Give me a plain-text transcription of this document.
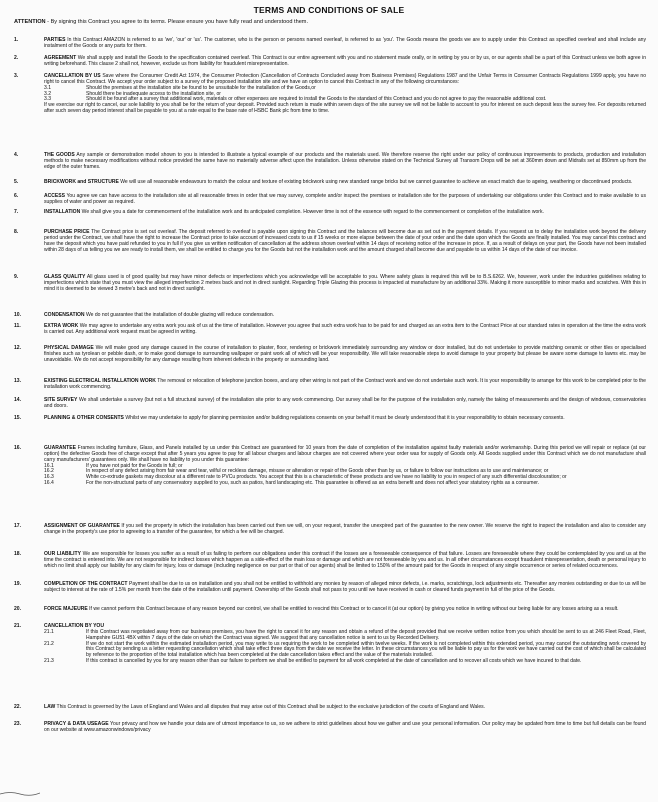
TERMS AND CONDITIONS OF SALE
ATTENTION - By signing this Contract you agree to its terms. Please ensure you have fully read and understood them.
1.	PARTIES In this Contract AMAZON is referred to as 'we', 'our' or 'us'. The customer, who is the person or persons named overleaf, is referred to as 'you'. The Goods means the goods we are to supply under this Contract as specified overleaf and shall include any instalment of the Goods or any parts for them.
2.	AGREEMENT We shall supply and install the Goods to the specification contained overleaf. This Contract is our entire agreement with you and no statement made orally, or in writing by you or by us, or our agents shall be a part of this Contract unless we both agree in writing beforehand. This clause 2 shall not, however, exclude us from liability for fraudulent misrepresentation.
3.	CANCELLATION BY US Save where the Consumer Credit Act 1974, the Consumer Protection (Cancellation of Contracts Concluded away from Business Premises) Regulations 1987 and the Unfair Terms in Consumer Contracts Regulations 1999 apply, you have no right to cancel this Contract. We accept your order subject to a survey of the proposed installation site and we have an option to cancel this Contract in any of the following circumstances:
3.1	Should the premises at the installation site be found to be unsuitable for the installation of the Goods,or
3.2	Should there be inadequate access to the installation site, or
3.3	Should it be found after a survey that additional work, materials or other expenses are required to install the Goods to the standard of this Contract and you do not agree to pay the reasonable additional cost.
If we exercise our right to cancel, our sole liability to you shall be for the return of your deposit. Provided such return is made within seven days of the site survey we will not be liable to account to you for interest on such deposit less the survey fee. For deposits returned after such seven day period interest shall be payable to you at a rate equal to the base rate of HSBC Bank plc from time to time.
4.	THE GOODS Any sample or demonstration model shown to you is intended to illustrate a typical example of our products and the materials used. We therefore reserve the right under our policy of continuous improvements to products, production and installation methods to make necessary modifications without notice provided the same have no materially adverse affect upon the installation. Unless otherwise stated on the Technical Survey all Transom Drops will be set at 360mm down and Midrails set at 850mm up from the edge of the outer frames.
5.	BRICKWORK and STRUCTURE We will use all reasonable endeavours to match the colour and texture of existing brickwork using new standard range bricks but we cannot guarantee to achieve an exact match due to ageing, weathering or discontinued products.
6.	ACCESS You agree we can have access to the installation site at all reasonable times in order that we may survey, complete and/or inspect the premises or installation site for the purposes of undertaking our obligations under this Contract and to make available to us supplies of water and power as required.
7.	INSTALLATION We shall give you a date for commencement of the installation work and its anticipated completion. However time is not of the essence with regard to the commencement or completion of the installation work.
8.	PURCHASE PRICE The Contract price is set out overleaf. The deposit referred to overleaf is payable upon signing this Contract and the balances will become due as set out in the payment details. If you request us to delay the installation work beyond the delivery period under the Contract, we shall have the right to increase the Contract price to take account of increased costs to us if 15 weeks or more elapse between the date of your order and the date upon which the Goods are finally installed. You may cancel this contract and have the deposit which you have paid refunded to you in full if you give us written notification of cancellation at the address shown overleaf within 14 days of receiving notice of the increase in price. If, as a result of delays on your part, the Goods have not been installed within 28 days of us telling you we are ready to install them, we shall be entitled to charge you for the Goods but not the installation work and the amount charged shall become due and payable to us within 14 days of the date of our invoice.
9.	GLASS QUALITY All glass used is of good quality but may have minor defects or imperfections which you acknowledge will be acceptable to you. Where safety glass is required this will be to B.S.6262. We, however, work under the industries guidelines relating to imperfections which state that you must view the alleged imperfection 2 metres back and not in direct sunlight. Regarding Triple Glazing this process is impacted at manufacture by an additional 33%. Making it more susceptible to minor marks and scratches. With this in mind it is deemed to be viewed 3 metre's back and not in direct sunlight.
10.	CONDENSATION We do not guarantee that the installation of double glazing will reduce condensation.
11.	EXTRA WORK We may agree to undertake any extra work you ask of us at the time of installation. However you agree that such extra work has to be paid for and charged as an extra item to the Contract Price at our standard rates in operation at the time the extra work is carried out. Any additional work request must be agreed in writing.
12.	PHYSICAL DAMAGE We will make good any damage caused in the course of installation to plaster, floor, rendering or brickwork immediately surrounding any window or door installed, but do not undertake to provide matching ceramic or other tiles or specialised finishes such as tyrolean or pebble dash, or to make good damage to surrounding wallpaper or paint work all of which will be your responsibility. We will take reasonable steps to avoid damage to your property but please be aware some damage to lawns etc. may be unavoidable. We do not accept responsibility for any damage resulting from inherent defects in the property or surrounding land.
13.	EXISTING ELECTRICAL INSTALLATION WORK The removal or relocation of telephone junction boxes, and any other wiring is not part of the Contract work and we do not undertake such work. It is your responsibility to arrange for this work to be completed prior to the installation work commencing.
14.	SITE SURVEY We shall undertake a survey (but not a full structural survey) of the installation site prior to any work commencing. Our survey shall be for the purpose of the installation only, namely the taking of measurements and the design of windows, conservatories and doors.
15.	PLANNING & OTHER CONSENTS Whilst we may undertake to apply for planning permission and/or building regulations consents on your behalf it must be clearly understood that it is your responsibility to obtain necessary consents.
16.	GUARANTEE Frames including furniture, Glass, and Panels installed by us under this Contract are guaranteed for 10 years from the date of completion of the installation against faulty materials and/or workmanship. During this period we will repair or replace (at our option) the defective Goods free of charge except that after 5 years you agree to pay for all labour charges and labour charges are not covered where your order was for supply of Goods only. All Goods supplied under this Contract which we do not manufacture shall carry manufacturers' guarantees only. We shall have no liability to you under this guarantee:
16.1	If you have not paid for the Goods in full; or
16.2	In respect of any defect arising from fair wear and tear, wilful or reckless damage, misuse or alteration or repair of the Goods other than by us, or failure to follow our instructions as to use and maintenance; or
16.3	White co-extrude gaskets may discolour at a different rate to PVCu products. You accept that this is a characteristic of these products and we have no liability to you in respect of any such differential discolouration; or
16.4	For the non-structural parts of any conservatory supplied to you, such as patios, hard landscaping etc. This guarantee is offered as an extra benefit and does not affect your statutory rights as a consumer.
17.	ASSIGNMENT OF GUARANTEE If you sell the property in which the installation has been carried out then we will, on your request, transfer the unexpired part of the guarantee to the new owner. We reserve the right to inspect the installation and also to consider any change in the property's use prior to agreeing to a transfer of the guarantee, for which a fee will be charged.
18.	OUR LIABILITY We are responsible for losses you suffer as a result of us failing to perform our obligations under this contract if the losses are a foreseeable consequence of that failure. Losses are foreseeable where they could be contemplated by you and us at the time the contract is entered into. We are not responsible for indirect losses which happen as a side-effect of the main loss or damage and which are not foreseeable by you and us. In all other circumstances except fraudulent misrepresentation, death or personal injury to which no limit shall apply our liability for any claim for injury, loss or damage (including negligence on our part or that of our agents) shall be limited to 150% of the amount paid for the Goods in respect of any single occurrence or series of related occurrences.
19.	COMPLETION OF THE CONTRACT Payment shall be due to us on installation and you shall not be entitled to withhold any monies by reason of alleged minor defects, i.e. marks, scratchings, lock adjustments etc. Thereafter any monies outstanding or due to us will be subject to interest at the rate of 1.5% per month from the date of the installation until payment. Ownership of the Goods shall not pass to you until we have received in cash or cleared funds payment in full of the price of the Goods.
20.	FORCE MAJEURE If we cannot perform this Contract because of any reason beyond our control, we shall be entitled to rescind this Contract or to cancel it (at our option) by giving you notice in writing without our being liable for any losses arising as a result.
21.	CANCELLATION BY YOU
21.1	If this Contract was negotiated away from our business premises, you have the right to cancel it for any reason and obtain a refund of the deposit provided that we receive written notice from you which should be sent to us at 246 Fleet Road, Fleet, Hampshire GU51 4BX within 7 days of the date on which the Contract was signed. We suggest that any cancellation notice is sent to us by Recorded Delivery.
21.2	If we do not start the work within the estimated installation period, you may write to us requiring the work to be completed within twelve weeks. If the work is not completed within this extended period, you may cancel the outstanding work covered by this Contract by sending us a letter requesting cancellation which shall take effect three days from the date we receive the letter. In these circumstances you will be liable to pay us for the work we have carried out the cost of which shall be calculated by reference to the proportion of the total installation which has been completed at the date cancellation takes effect and the value of the materials installed.
21.3	If this contract is cancelled by you for any reason other than our failure to perform we shall be entitled to payment for all work completed at the date of cancellation and to recover all costs which we have incured to that date.
22.	LAW This Contract is governed by the Laws of England and Wales and all disputes that may arise out of this Contract shall be subject to the exclusive jurisdiction of the courts of England and Wales.
23.	PRIVACY & DATA USEAGE Your privacy and how we handle your data are of utmost importance to us, so we adhere to strict guidelines about how we gather and use your personal information. Our policy may be updated from time to time but full details can be found on our website at www.amazonwindows/privacy
